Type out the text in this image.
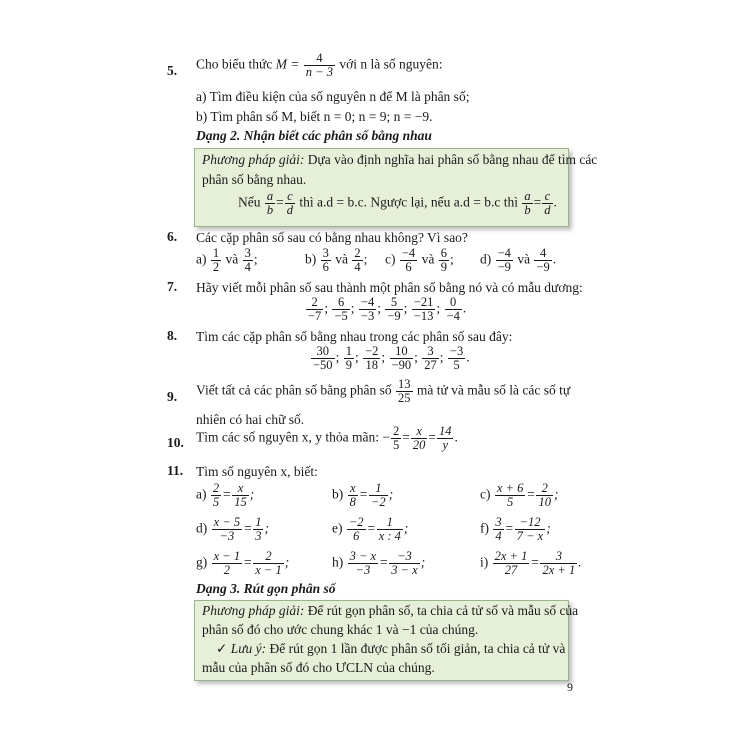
5. Cho biểu thức $M = \frac{4}{n - 3}$ với n là số nguyên:
a) Tìm điều kiện của số nguyên n để M là phân số;
b) Tìm phân số M, biết n = 0; n = 9; n = −9.
Dạng 2. Nhận biết các phân số bằng nhau
Phương pháp giải: Dựa vào định nghĩa hai phân số bằng nhau để tìm các
phân số bằng nhau.
Nếu $\frac{a}{b} = \frac{c}{d}$ thì a.d = b.c. Ngược lại, nếu a.d = b.c thì $\frac{a}{b} = \frac{c}{d}$ .
6. Các cặp phân số sau có bằng nhau không? Vì sao?
$a) \frac{1}{2}$ và $\frac{3}{4}$ ;	$b) \frac{3}{6}$ và $\frac{2}{4}$ ; $c) \frac{-4}{6}$ và $\frac{6}{9}$ ; $d) \frac{-4}{-9}$ và $\frac{4}{-9}$ .
7. Hãy viết mỗi phân số sau thành một phân số bằng nó và có mẫu dương:
$\frac{2}{-7}$ ; $\frac{6}{-5}$ ; $\frac{-4}{-3}$ ; $\frac{5}{-9}$ ; $\frac{-21}{-13}$ ; $\frac{0}{-4}$ .
8. Tìm các cặp phân số bằng nhau trong các phân số sau đây:
$\frac{30}{-50}$ ; $\frac{1}{9}$ ; $\frac{-2}{18}$ ; $\frac{10}{-90}$ ; $\frac{3}{27}$ ; $\frac{-3}{5}$ .
9. Viết tất cả các phân số bằng phân số $\frac{13}{25}$ mà tử và mẫu số là các số tự
nhiên có hai chữ số.
10. Tìm các số nguyên x, y thỏa mãn: − $\frac{2}{5} = \frac{x}{20} = \frac{14}{y}$ .
11. Tìm số nguyên x, biết:
$a) \frac{2}{5} = \frac{x}{15}$ ;	$b) \frac{x}{8} = \frac{1}{-2}$ ;	$c) \frac{x + 6}{5} = \frac{2}{10}$ ;
$d) \frac{x - 5}{-3} = \frac{1}{3}$ ;	$e) \frac{-2}{6} = \frac{1}{x : 4}$ ;	$f) \frac{3}{4} = \frac{-12}{7 - x}$ ;
$g) \frac{x - 1}{2} = \frac{2}{x - 1}$ ;	$h) \frac{3 - x}{-3} = \frac{-3}{3 - x}$ ;	$i) \frac{2x + 1}{27} = \frac{3}{2x + 1}$ .
Dạng 3. Rút gọn phân số
Phương pháp giải: Để rút gọn phân số, ta chia cả tử số và mẫu số của
phân số đó cho ước chung khác 1 và −1 của chúng.
✓ Lưu ý: Để rút gọn 1 lần được phân số tối giản, ta chia cả tử và
mẫu của phân số đó cho ƯCLN của chúng.
9
